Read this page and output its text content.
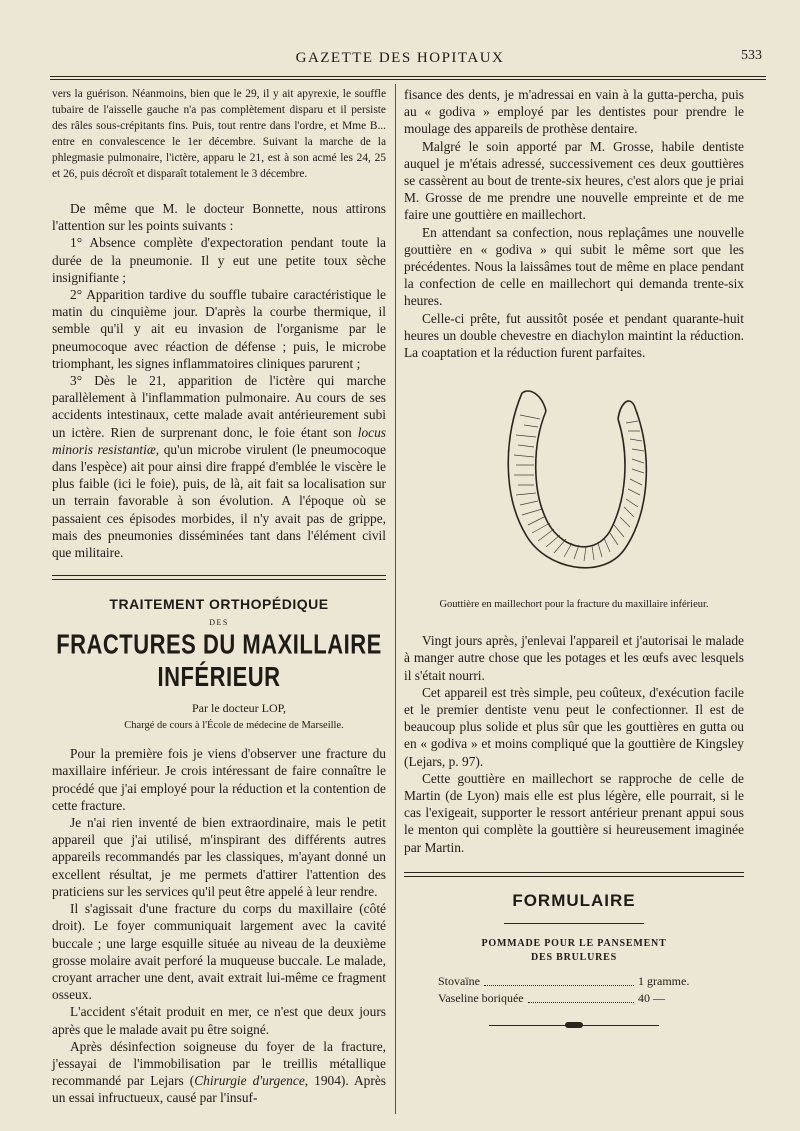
GAZETTE DES HOPITAUX	533

vers la guérison. Néanmoins, bien que le 29, il y ait apyrexie, le souffle tubaire de l'aisselle gauche n'a pas complètement disparu et il persiste des râles sous-crépitants fins. Puis, tout rentre dans l'ordre, et Mme B... entre en convalescence le 1er décembre. Suivant la marche de la phlegmasie pulmonaire, l'ictère, apparu le 21, est à son acmé les 24, 25 et 26, puis décroît et disparaît totalement le 3 décembre.

De même que M. le docteur Bonnette, nous attirons l'attention sur les points suivants :

1° Absence complète d'expectoration pendant toute la durée de la pneumonie. Il y eut une petite toux sèche insignifiante ;

2° Apparition tardive du souffle tubaire caractéristique le matin du cinquième jour. D'après la courbe thermique, il semble qu'il y ait eu invasion de l'organisme par le pneumocoque avec réaction de défense ; puis, le microbe triomphant, les signes inflammatoires cliniques parurent ;

3° Dès le 21, apparition de l'ictère qui marche parallèlement à l'inflammation pulmonaire. Au cours de ses accidents intestinaux, cette malade avait antérieurement subi un ictère. Rien de surprenant donc, le foie étant son locus minoris resistantiæ, qu'un microbe virulent (le pneumocoque dans l'espèce) ait pour ainsi dire frappé d'emblée le viscère le plus faible (ici le foie), puis, de là, ait fait sa localisation sur un terrain favorable à son évolution. A l'époque où se passaient ces épisodes morbides, il n'y avait pas de grippe, mais des pneumonies disséminées tant dans l'élément civil que militaire.

TRAITEMENT ORTHOPÉDIQUE
DES
FRACTURES DU MAXILLAIRE INFÉRIEUR
Par le docteur LOP,
Chargé de cours à l'École de médecine de Marseille.

Pour la première fois je viens d'observer une fracture du maxillaire inférieur. Je crois intéressant de faire connaître le procédé que j'ai employé pour la réduction et la contention de cette fracture.

Je n'ai rien inventé de bien extraordinaire, mais le petit appareil que j'ai utilisé, m'inspirant des différents autres appareils recommandés par les classiques, m'ayant donné un excellent résultat, je me permets d'attirer l'attention des praticiens sur les services qu'il peut être appelé à leur rendre.

Il s'agissait d'une fracture du corps du maxillaire (côté droit). Le foyer communiquait largement avec la cavité buccale ; une large esquille située au niveau de la deuxième grosse molaire avait perforé la muqueuse buccale. Le malade, croyant arracher une dent, avait extrait lui-même ce fragment osseux.

L'accident s'était produit en mer, ce n'est que deux jours après que le malade avait pu être soigné.

Après désinfection soigneuse du foyer de la fracture, j'essayai de l'immobilisation par le treillis métallique recommandé par Lejars (Chirurgie d'urgence, 1904). Après un essai infructueux, causé par l'insuf-

fisance des dents, je m'adressai en vain à la gutta-percha, puis au « godiva » employé par les dentistes pour prendre le moulage des appareils de prothèse dentaire.

Malgré le soin apporté par M. Grosse, habile dentiste auquel je m'étais adressé, successivement ces deux gouttières se cassèrent au bout de trente-six heures, c'est alors que je priai M. Grosse de me prendre une nouvelle empreinte et de me faire une gouttière en maillechort.

En attendant sa confection, nous replaçâmes une nouvelle gouttière en « godiva » qui subit le même sort que les précédentes. Nous la laissâmes tout de même en place pendant la confection de celle en maillechort qui demanda trente-six heures.

Celle-ci prête, fut aussitôt posée et pendant quarante-huit heures un double chevestre en diachylon maintint la réduction. La coaptation et la réduction furent parfaites.

Gouttière en maillechort pour la fracture du maxillaire inférieur.

Vingt jours après, j'enlevai l'appareil et j'autorisai le malade à manger autre chose que les potages et les œufs avec lesquels il s'était nourri.

Cet appareil est très simple, peu coûteux, d'exécution facile et le premier dentiste venu peut le confectionner. Il est de beaucoup plus solide et plus sûr que les gouttières en gutta ou en « godiva » et moins compliqué que la gouttière de Kingsley (Lejars, p. 97).

Cette gouttière en maillechort se rapproche de celle de Martin (de Lyon) mais elle est plus légère, elle pourrait, si le cas l'exigeait, supporter le ressort antérieur prenant appui sous le menton qui complète la gouttière si heureusement imaginée par Martin.

FORMULAIRE
POMMADE POUR LE PANSEMENT
DES BRULURES
Stovaïne	1 gramme.
Vaseline boriquée	40 —
